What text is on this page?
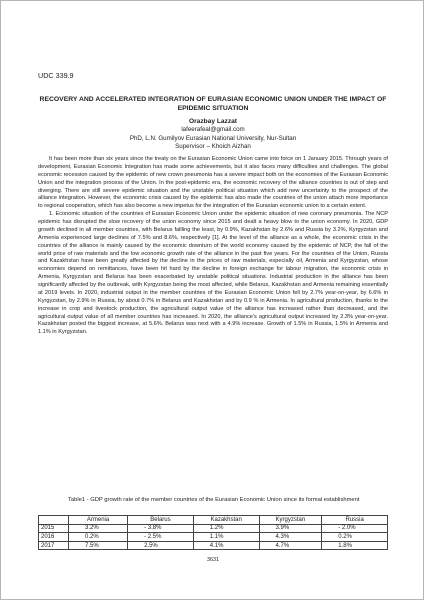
UDC 339.9
RECOVERY AND ACCELERATED INTEGRATION OF EURASIAN ECONOMIC UNION UNDER THE IMPACT OF EPIDEMIC SITUATION
Orazbay Lazzat
lafeerafeal@gmail.com
PhD, L.N. Gumilyov Eurasian National University, Nur-Sultan
Supervisor – Khoich Aizhan

It has been more than six years since the treaty on the Eurasian Economic Union came into force on 1 January 2015. Through years of development, Eurasian Economic Integration has made some achievements, but it also faces many difficulties and challenges. The global economic recession caused by the epidemic of new crown pneumonia has a severe impact both on the economies of the Eurasian Economic Union and the integration process of the Union. In the post-epidemic era, the economic recovery of the alliance countries is out of step and diverging. There are still severe epidemic situation and the unstable political situation which add new uncertainty to the prospect of the alliance integration. However, the economic crisis caused by the epidemic has also made the countries of the union attach more importance to regional cooperation, which has also become a new impetus for the integration of the Eurasian economic union to a certain extent.

1. Economic situation of the countries of Eurasian Economic Union under the epidemic situation of new coronary pneumonia. The NCP epidemic has disrupted the slow recovery of the union economy since 2015 and dealt a heavy blow to the union economy. In 2020, GDP growth declined in all member countries, with Belarus fallling the least, by 0.9%, Kazakhstan by 2.6% and Russia by 3.2%, Kyrgyzstan and Armenia experienced large declines of 7.5% and 8.6%, respectively [1]. At the level of the alliance as a whole, the economic crisis in the countries of the alliance is mainly caused by the economic downturn of the world economy caused by the epidemic of NCP, the fall of the world price of raw materials and the low economic growth rate of the alliance in the past five years. For the countries of the Union, Russia and Kazakhstan have been greatly affected by the decline in the prices of raw materials, especially oil, Armenia and Kyrgyzstan, whose economies depend on remittances, have been hit hard by the decline in foreign exchange for labour migration, the economic crisis in Armenia, Kyrgyzstan and Belarus has been exacerbated by unstable political situations. Industrial production in the alliance has been significantly affected by the outbreak, with Kyrgyzstan being the most affected, while Belarus, Kazakhstan and Armenia remaining essentially at 2019 levels. In 2020, industrial output in the member countries of the Eurasian Economic Union fell by 2.7% year-on-year, by 6.6% in Kyrgyzstan, by 2.9% in Russia, by about 0.7% in Belarus and Kazakhstan and by 0.9 % in Armenia. In agricultural production, thanks to the increase in crop and livestock production, the agricultural output value of the alliance has increased rather than decreased, and the agricultural output value of all member countries has increased. In 2020, the alliance's agricultural output increased by 2.3% year-on-year. Kazakhstan posted the biggest increase, at 5.6%. Belarus was next with a 4.9% increase. Growth of 1.5% in Russia, 1.5% in Armenia and 1.1% in Kyrgyzstan.

Table1 - GDP growth rate of the member countries of the Eurasian Economic Union since its formal establishment

	Armenia	Belarus	Kazakhstan	Kyrgyzstan	Russia
2015	3.2%	- 3.8%	1.2%	3.9%	- 2.0%
2016	0.2%	- 2.5%	1.1%	4.3%	0.2%
2017	7.5%	2.5%	4.1%	4.7%	1.8%
3631
